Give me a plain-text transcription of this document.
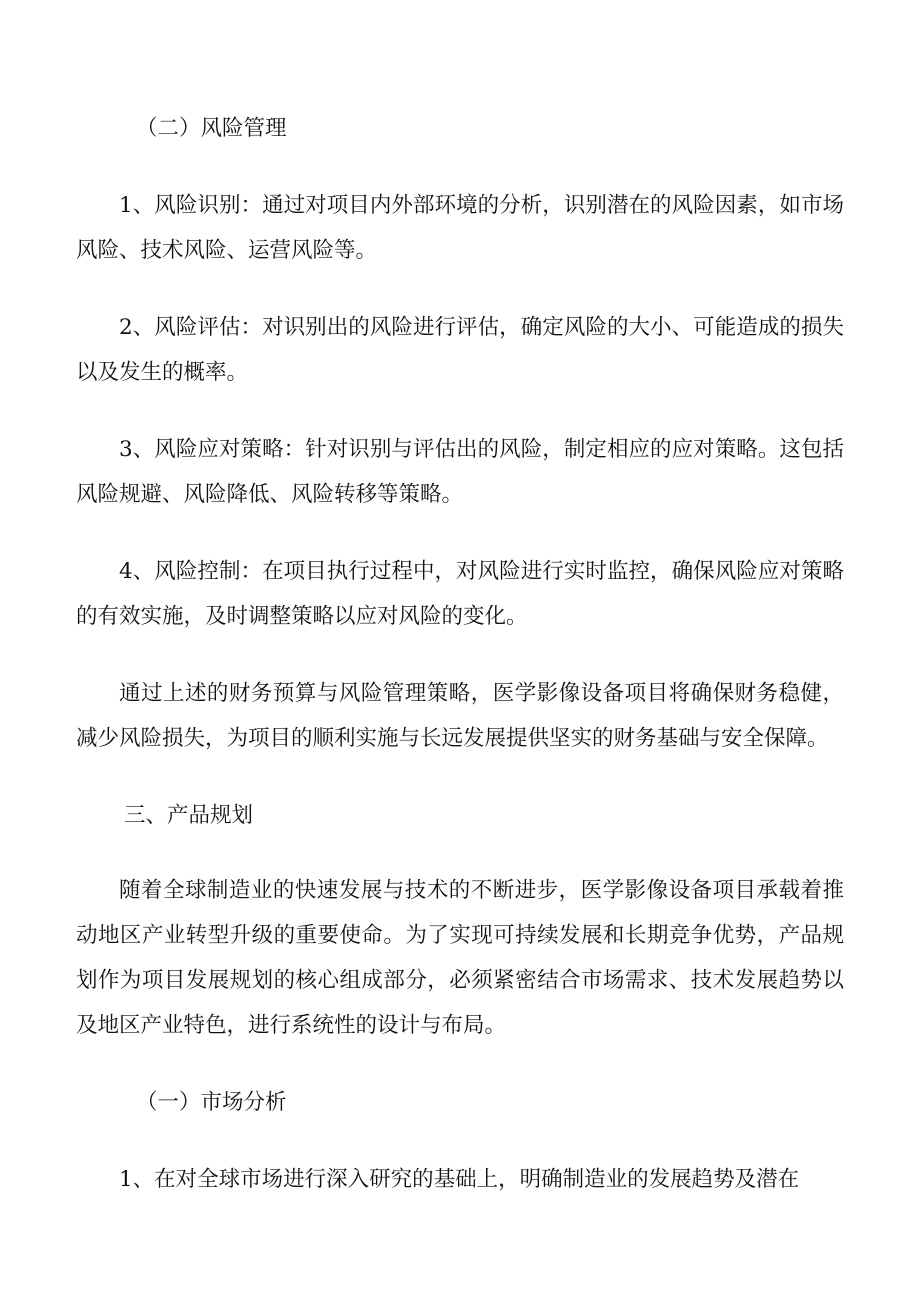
（二）风险管理

1、风险识别：通过对项目内外部环境的分析，识别潜在的风险因素，如市场风险、技术风险、运营风险等。

2、风险评估：对识别出的风险进行评估，确定风险的大小、可能造成的损失以及发生的概率。

3、风险应对策略：针对识别与评估出的风险，制定相应的应对策略。这包括风险规避、风险降低、风险转移等策略。

4、风险控制：在项目执行过程中，对风险进行实时监控，确保风险应对策略的有效实施，及时调整策略以应对风险的变化。

通过上述的财务预算与风险管理策略，医学影像设备项目将确保财务稳健，减少风险损失，为项目的顺利实施与长远发展提供坚实的财务基础与安全保障。

三、产品规划

随着全球制造业的快速发展与技术的不断进步，医学影像设备项目承载着推动地区产业转型升级的重要使命。为了实现可持续发展和长期竞争优势，产品规划作为项目发展规划的核心组成部分，必须紧密结合市场需求、技术发展趋势以及地区产业特色，进行系统性的设计与布局。

（一）市场分析

1、在对全球市场进行深入研究的基础上，明确制造业的发展趋势及潜在
